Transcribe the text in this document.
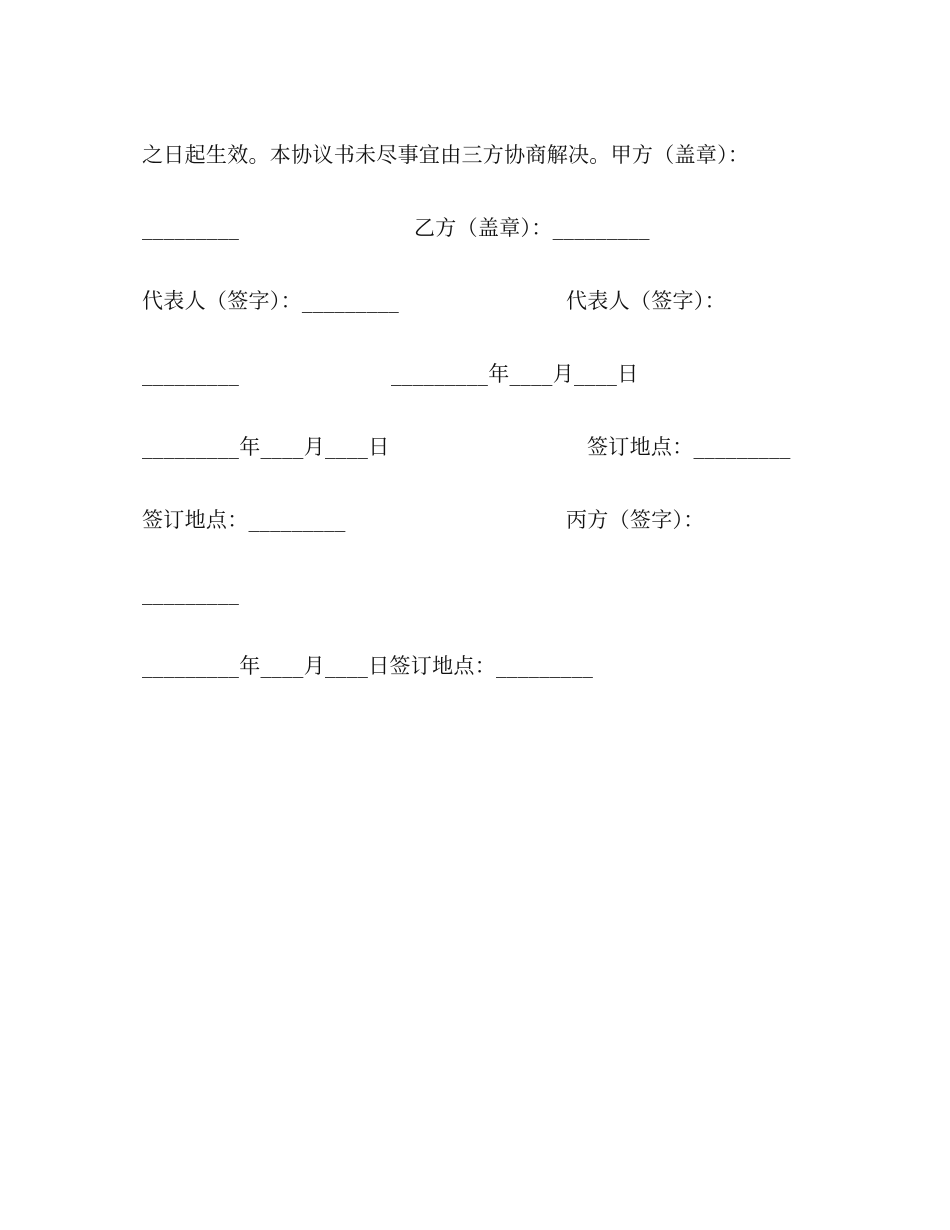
之日起生效。本协议书未尽事宜由三方协商解决。甲方（盖章）：
_________	乙方（盖章）：_________
代表人（签字）：_________	代表人（签字）：
_________	_________年____月____日
_________年____月____日	签订地点：_________
签订地点：_________	丙方（签字）：
_________
_________年____月____日签订地点：_________
